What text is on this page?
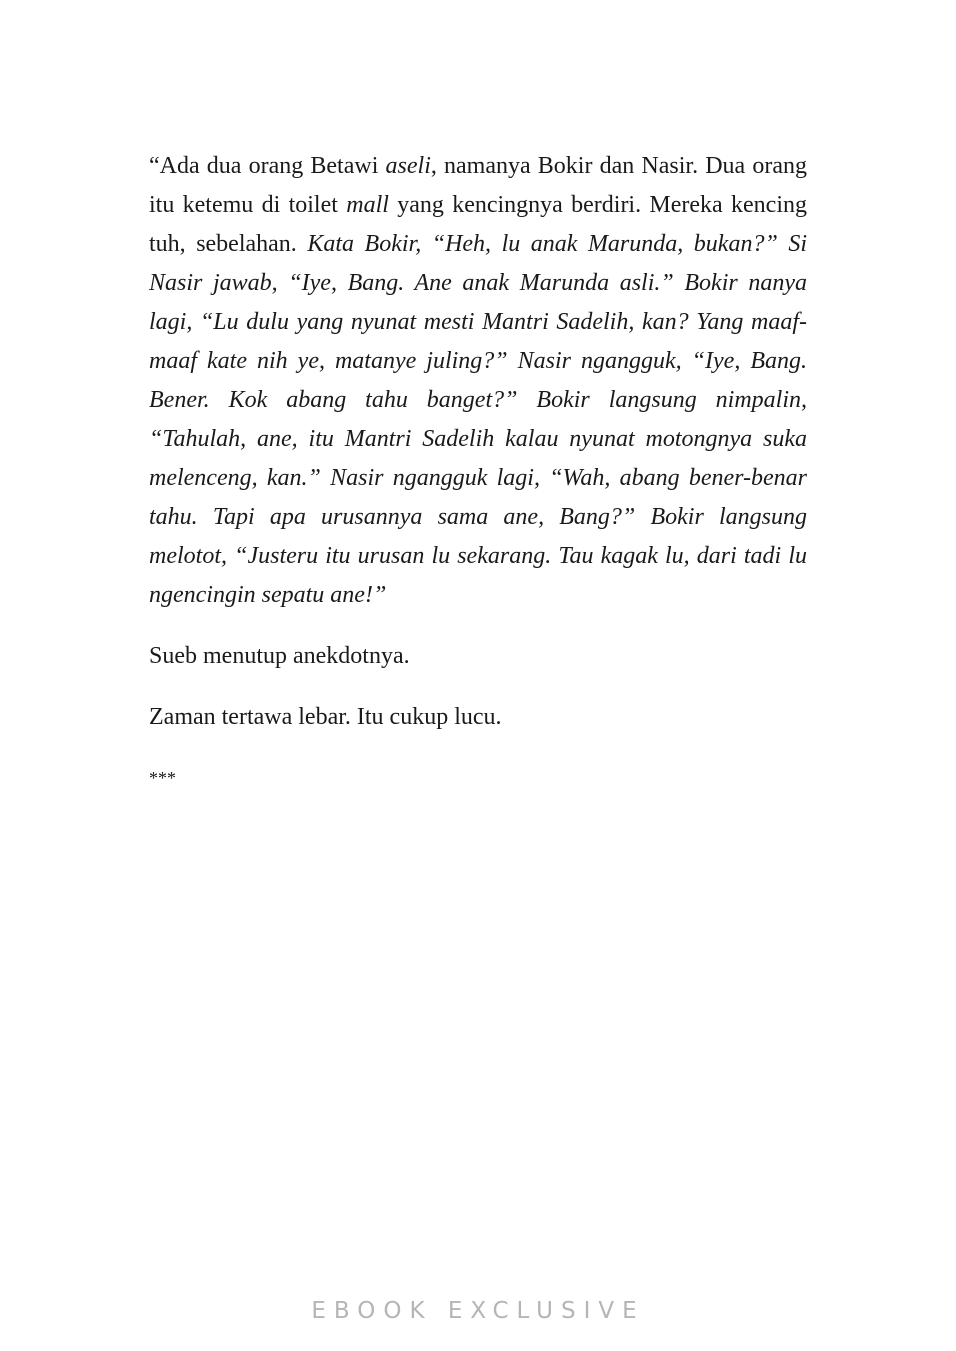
“Ada dua orang Betawi aseli, namanya Bokir dan Nasir. Dua orang itu ketemu di toilet mall yang kencingnya berdiri. Mereka kencing tuh, sebelahan. Kata Bokir, “Heh, lu anak Marunda, bukan?” Si Nasir jawab, “Iye, Bang. Ane anak Marunda asli.” Bokir nanya lagi, “Lu dulu yang nyunat mesti Mantri Sadelih, kan? Yang maaf-maaf kate nih ye, matanye juling?” Nasir ngangguk, “Iye, Bang. Bener. Kok abang tahu banget?” Bokir langsung nimpalin, “Tahulah, ane, itu Mantri Sadelih kalau nyunat motongnya suka melenceng, kan.” Nasir ngangguk lagi, “Wah, abang bener-benar tahu. Tapi apa urusannya sama ane, Bang?” Bokir langsung melotot, “Justeru itu urusan lu sekarang. Tau kagak lu, dari tadi lu ngencingin sepatu ane!”

Sueb menutup anekdotnya.

Zaman tertawa lebar. Itu cukup lucu.

***

EBOOK EXCLUSIVE
